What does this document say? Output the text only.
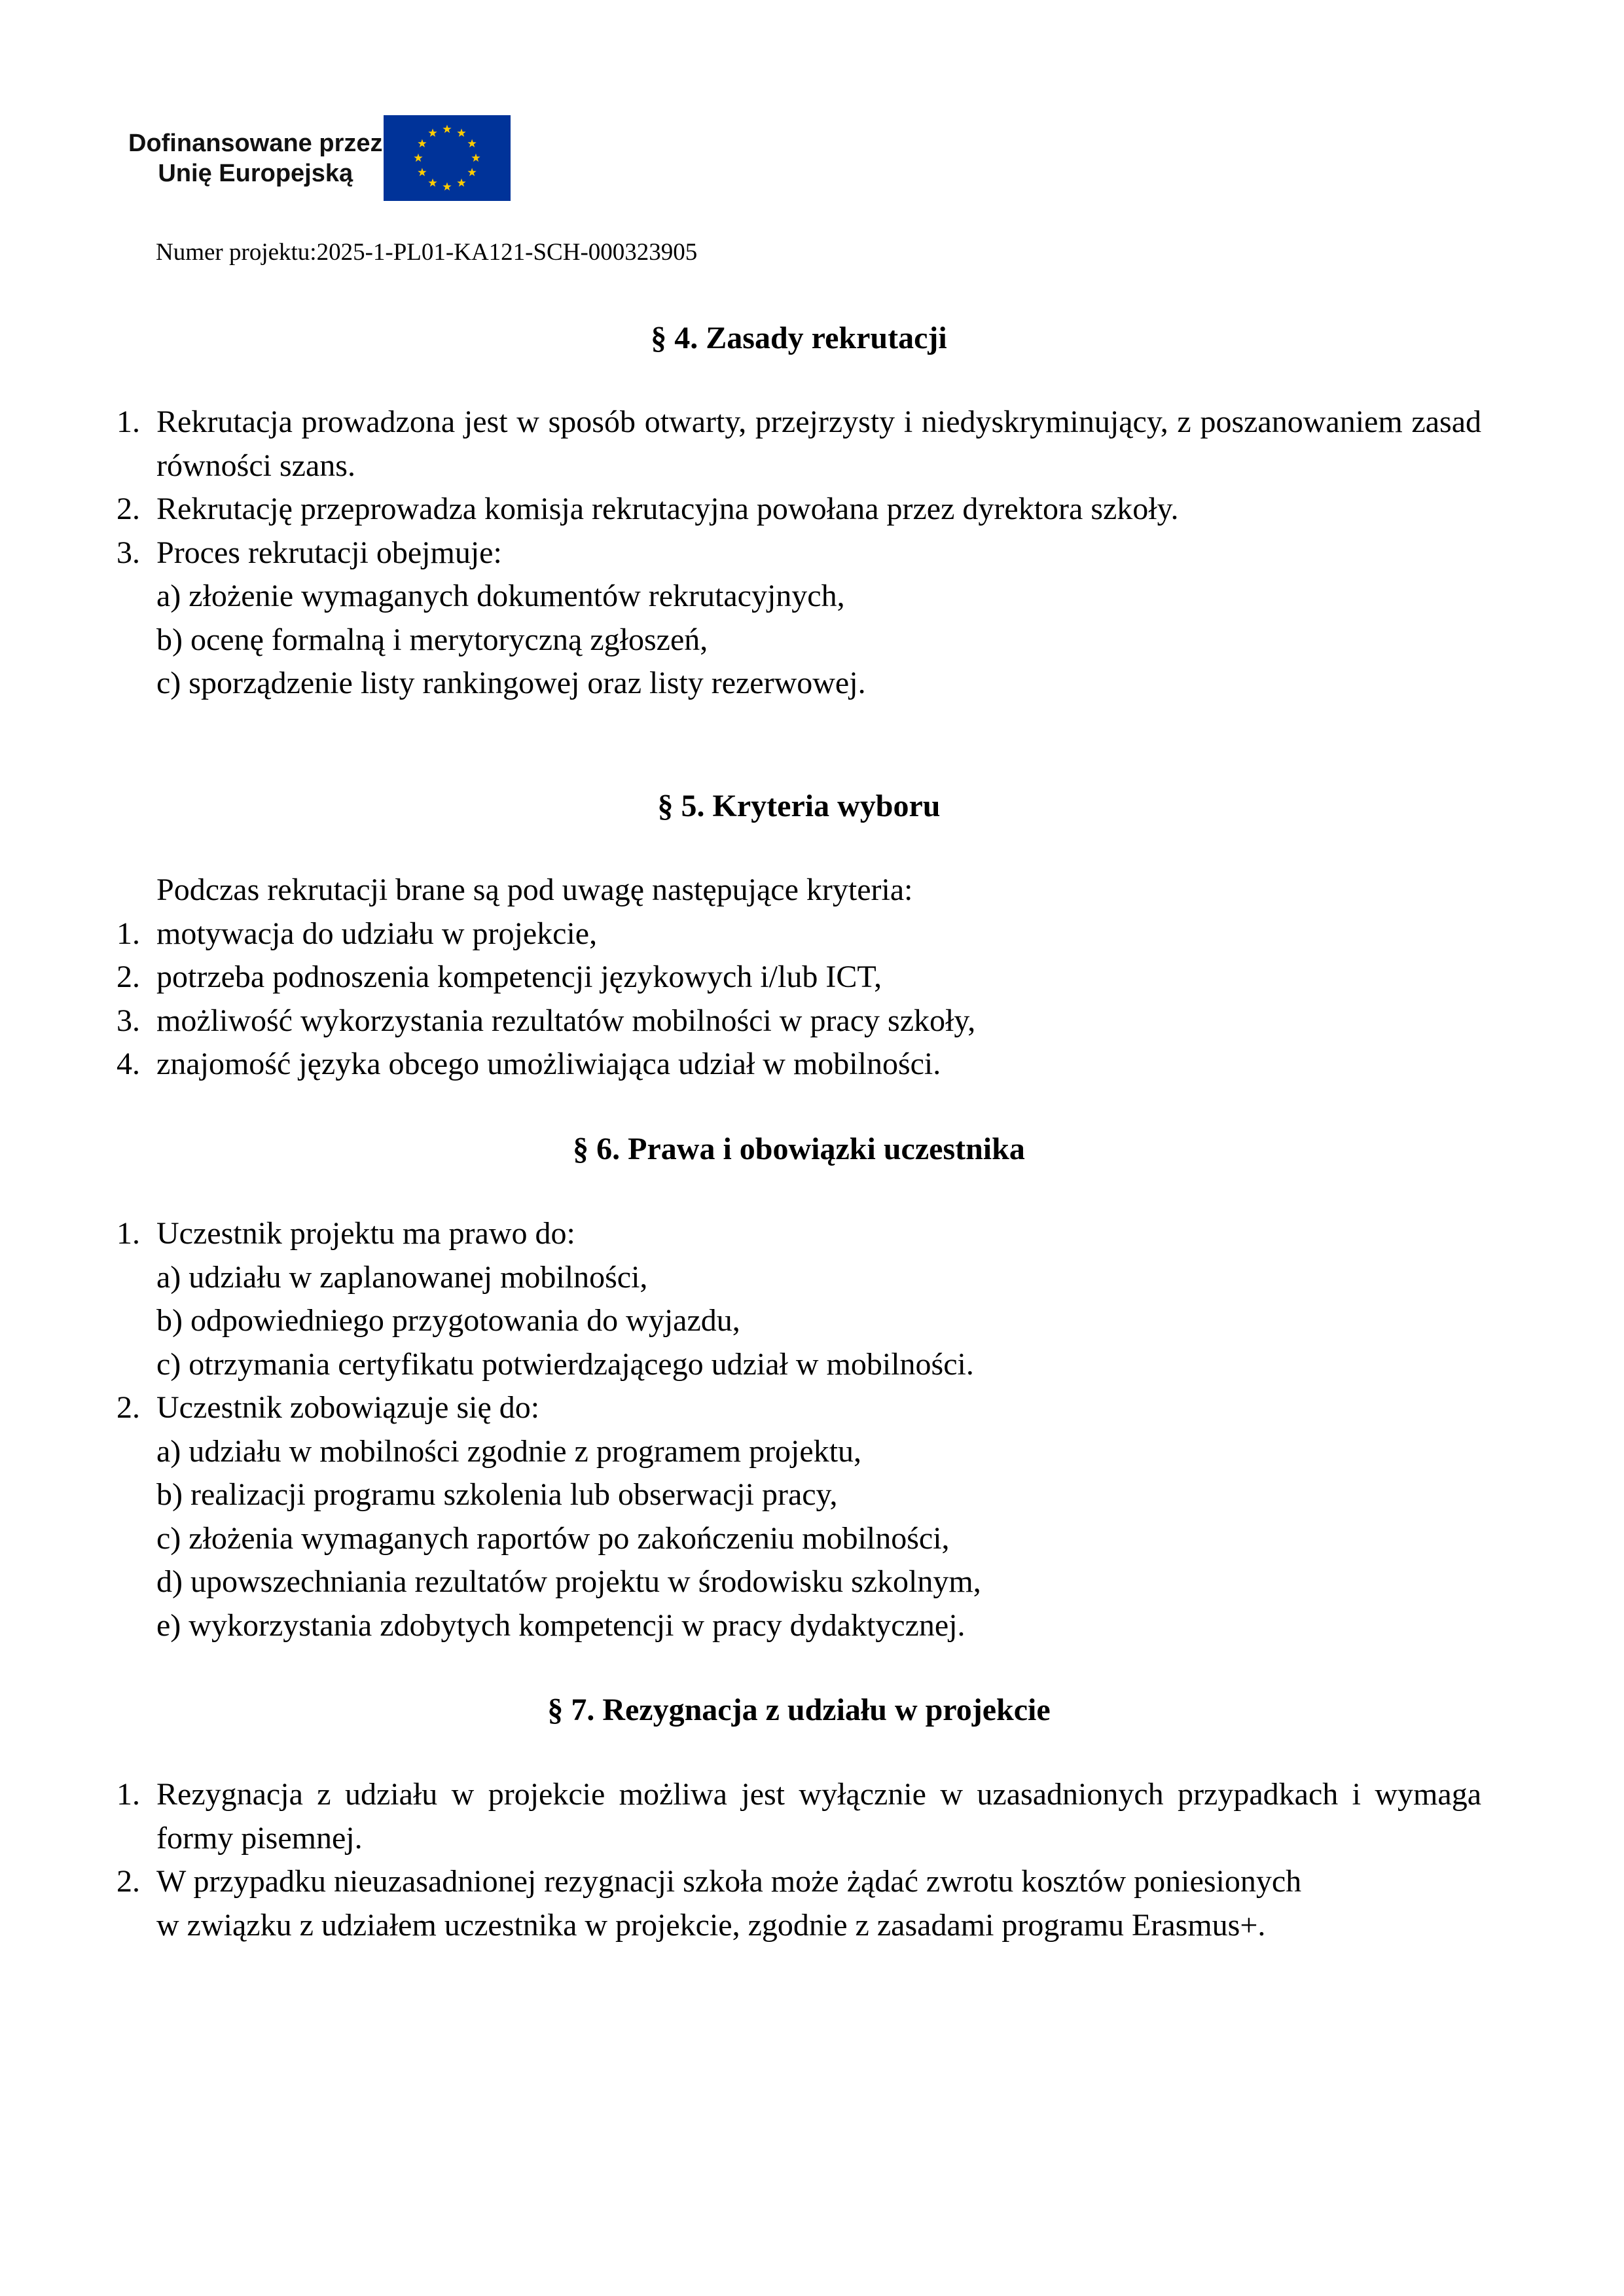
Dofinansowane przez
Unię Europejską
Numer projektu:2025-1-PL01-KA121-SCH-000323905
§ 4. Zasady rekrutacji
1. Rekrutacja prowadzona jest w sposób otwarty, przejrzysty i niedyskryminujący, z poszanowaniem zasad równości szans.
2. Rekrutację przeprowadza komisja rekrutacyjna powołana przez dyrektora szkoły.
3. Proces rekrutacji obejmuje:
a) złożenie wymaganych dokumentów rekrutacyjnych,
b) ocenę formalną i merytoryczną zgłoszeń,
c) sporządzenie listy rankingowej oraz listy rezerwowej.
§ 5. Kryteria wyboru
Podczas rekrutacji brane są pod uwagę następujące kryteria:
1. motywacja do udziału w projekcie,
2. potrzeba podnoszenia kompetencji językowych i/lub ICT,
3. możliwość wykorzystania rezultatów mobilności w pracy szkoły,
4. znajomość języka obcego umożliwiająca udział w mobilności.
§ 6. Prawa i obowiązki uczestnika
1. Uczestnik projektu ma prawo do:
a) udziału w zaplanowanej mobilności,
b) odpowiedniego przygotowania do wyjazdu,
c) otrzymania certyfikatu potwierdzającego udział w mobilności.
2. Uczestnik zobowiązuje się do:
a) udziału w mobilności zgodnie z programem projektu,
b) realizacji programu szkolenia lub obserwacji pracy,
c) złożenia wymaganych raportów po zakończeniu mobilności,
d) upowszechniania rezultatów projektu w środowisku szkolnym,
e) wykorzystania zdobytych kompetencji w pracy dydaktycznej.
§ 7. Rezygnacja z udziału w projekcie
1. Rezygnacja z udziału w projekcie możliwa jest wyłącznie w uzasadnionych przypadkach i wymaga formy pisemnej.
2. W przypadku nieuzasadnionej rezygnacji szkoła może żądać zwrotu kosztów poniesionych
w związku z udziałem uczestnika w projekcie, zgodnie z zasadami programu Erasmus+.
